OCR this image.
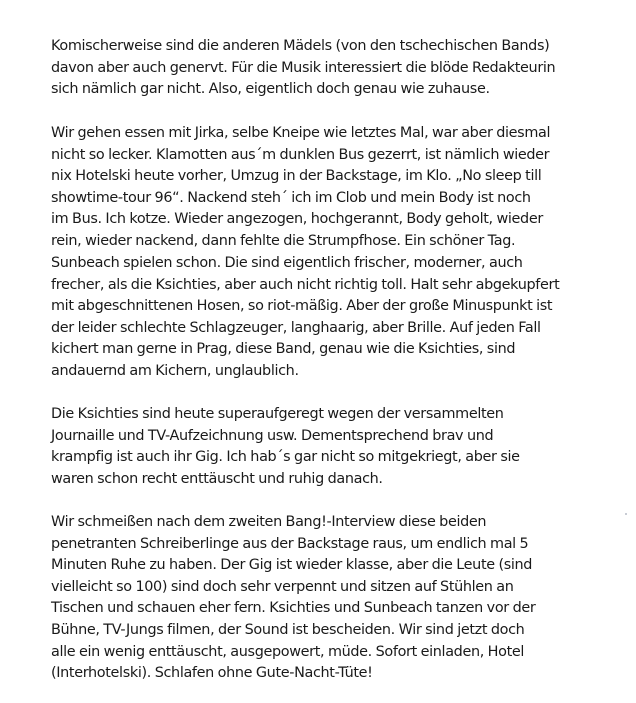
Komischerweise sind die anderen Mädels (von den tschechischen Bands)
davon aber auch genervt. Für die Musik interessiert die blöde Redakteurin
sich nämlich gar nicht. Also, eigentlich doch genau wie zuhause.

Wir gehen essen mit Jirka, selbe Kneipe wie letztes Mal, war aber diesmal
nicht so lecker. Klamotten aus´m dunklen Bus gezerrt, ist nämlich wieder
nix Hotelski heute vorher, Umzug in der Backstage, im Klo. „No sleep till
showtime-tour 96“. Nackend steh´ ich im Clob und mein Body ist noch
im Bus. Ich kotze. Wieder angezogen, hochgerannt, Body geholt, wieder
rein, wieder nackend, dann fehlte die Strumpfhose. Ein schöner Tag.

Sunbeach spielen schon. Die sind eigentlich frischer, moderner, auch
frecher, als die Ksichties, aber auch nicht richtig toll. Halt sehr abgekupfert
mit abgeschnittenen Hosen, so riot-mäßig. Aber der große Minuspunkt ist
der leider schlechte Schlagzeuger, langhaarig, aber Brille. Auf jeden Fall
kichert man gerne in Prag, diese Band, genau wie die Ksichties, sind
andauernd am Kichern, unglaublich.

Die Ksichties sind heute superaufgeregt wegen der versammelten
Journaille und TV-Aufzeichnung usw. Dementsprechend brav und
krampfig ist auch ihr Gig. Ich hab´s gar nicht so mitgekriegt, aber sie
waren schon recht enttäuscht und ruhig danach.

Wir schmeißen nach dem zweiten Bang!-Interview diese beiden
penetranten Schreiberlinge aus der Backstage raus, um endlich mal 5
Minuten Ruhe zu haben. Der Gig ist wieder klasse, aber die Leute (sind
vielleicht so 100) sind doch sehr verpennt und sitzen auf Stühlen an
Tischen und schauen eher fern. Ksichties und Sunbeach tanzen vor der
Bühne, TV-Jungs filmen, der Sound ist bescheiden. Wir sind jetzt doch
alle ein wenig enttäuscht, ausgepowert, müde. Sofort einladen, Hotel
(Interhotelski). Schlafen ohne Gute-Nacht-Tüte!
